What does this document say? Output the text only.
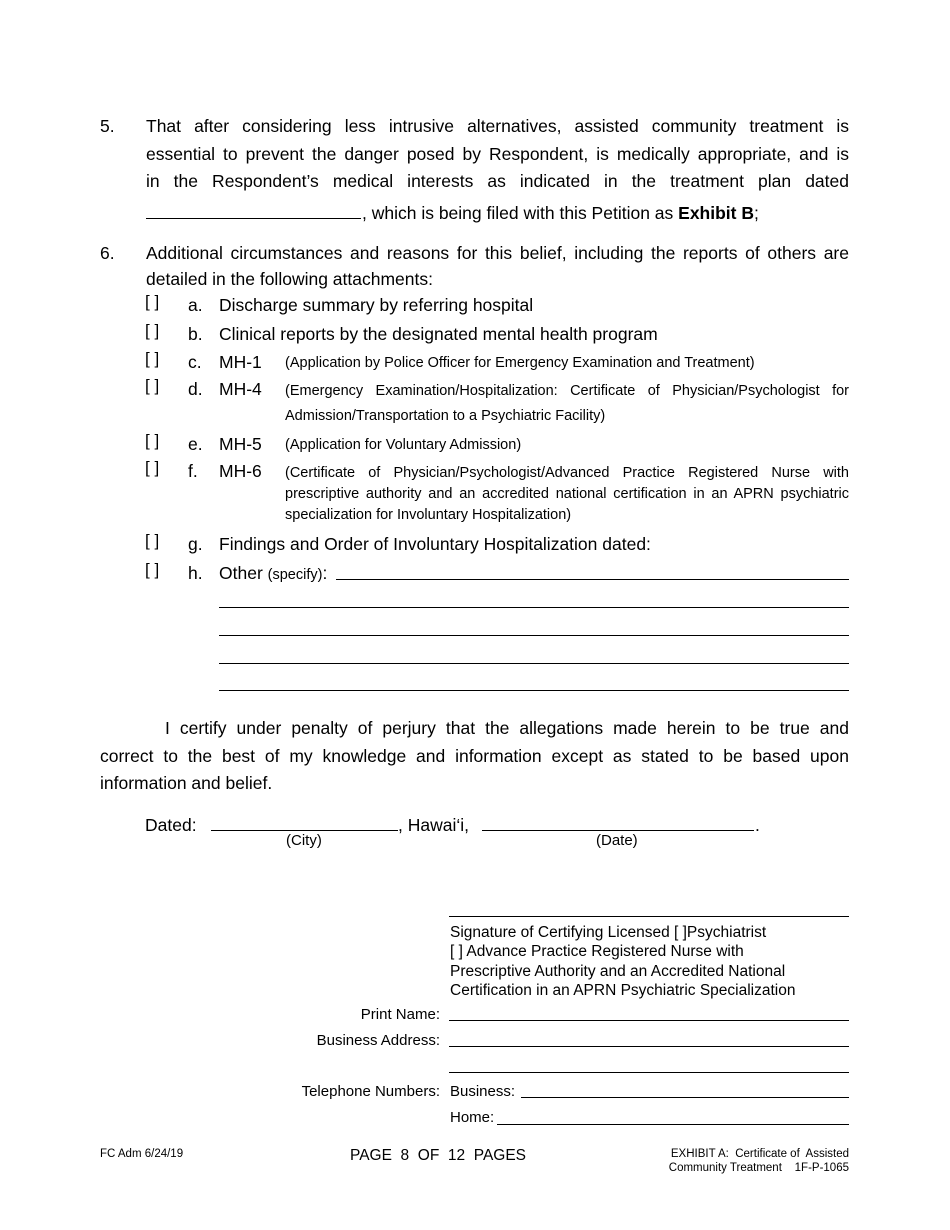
5. That after considering less intrusive alternatives, assisted community treatment is
essential to prevent the danger posed by Respondent, is medically appropriate, and is
in the Respondent’s medical interests as indicated in the treatment plan dated
, which is being filed with this Petition as Exhibit B;
6. Additional circumstances and reasons for this belief, including the reports of others are
detailed in the following attachments:
[ ] a. Discharge summary by referring hospital
[ ] b. Clinical reports by the designated mental health program
[ ] c. MH-1 (Application by Police Officer for Emergency Examination and Treatment)
[ ] d. MH-4 (Emergency Examination/Hospitalization: Certificate of Physician/Psychologist for
Admission/Transportation to a Psychiatric Facility)
[ ] e. MH-5 (Application for Voluntary Admission)
[ ] f. MH-6 (Certificate of Physician/Psychologist/Advanced Practice Registered Nurse with
prescriptive authority and an accredited national certification in an APRN psychiatric
specialization for Involuntary Hospitalization)
[ ] g. Findings and Order of Involuntary Hospitalization dated:
[ ] h. Other (specify):
I certify under penalty of perjury that the allegations made herein to be true and
correct to the best of my knowledge and information except as stated to be based upon
information and belief.
Dated:	, Hawai‘i,	.
(City)	(Date)
Signature of Certifying Licensed [ ]Psychiatrist
[ ] Advance Practice Registered Nurse with
Prescriptive Authority and an Accredited National
Certification in an APRN Psychiatric Specialization
Print Name:
Business Address:
Telephone Numbers: Business:
Home:
FC Adm 6/24/19	PAGE  8  OF  12  PAGES	EXHIBIT A:  Certificate of  Assisted
Community Treatment    1F-P-1065
